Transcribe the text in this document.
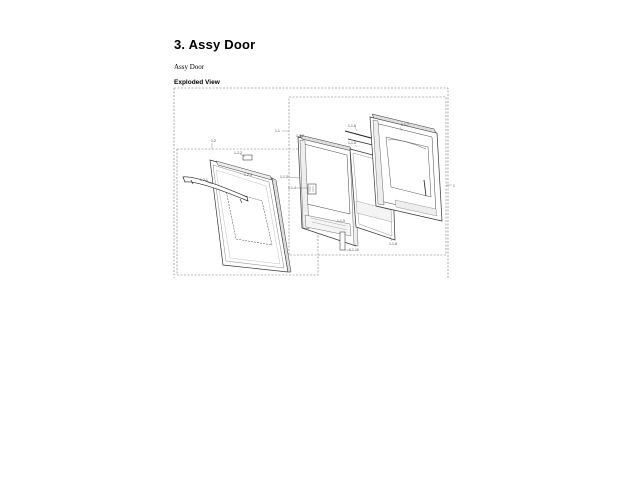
3. Assy Door
Assy Door
Exploded View
1-2
1-2-1
1-2-2
1-2-3
1-1
1-1-2
1-1-3
1-1-4
1-1-5
1-1-6	1-1-7
1-1-8
1-1-9
1-1-10
1
